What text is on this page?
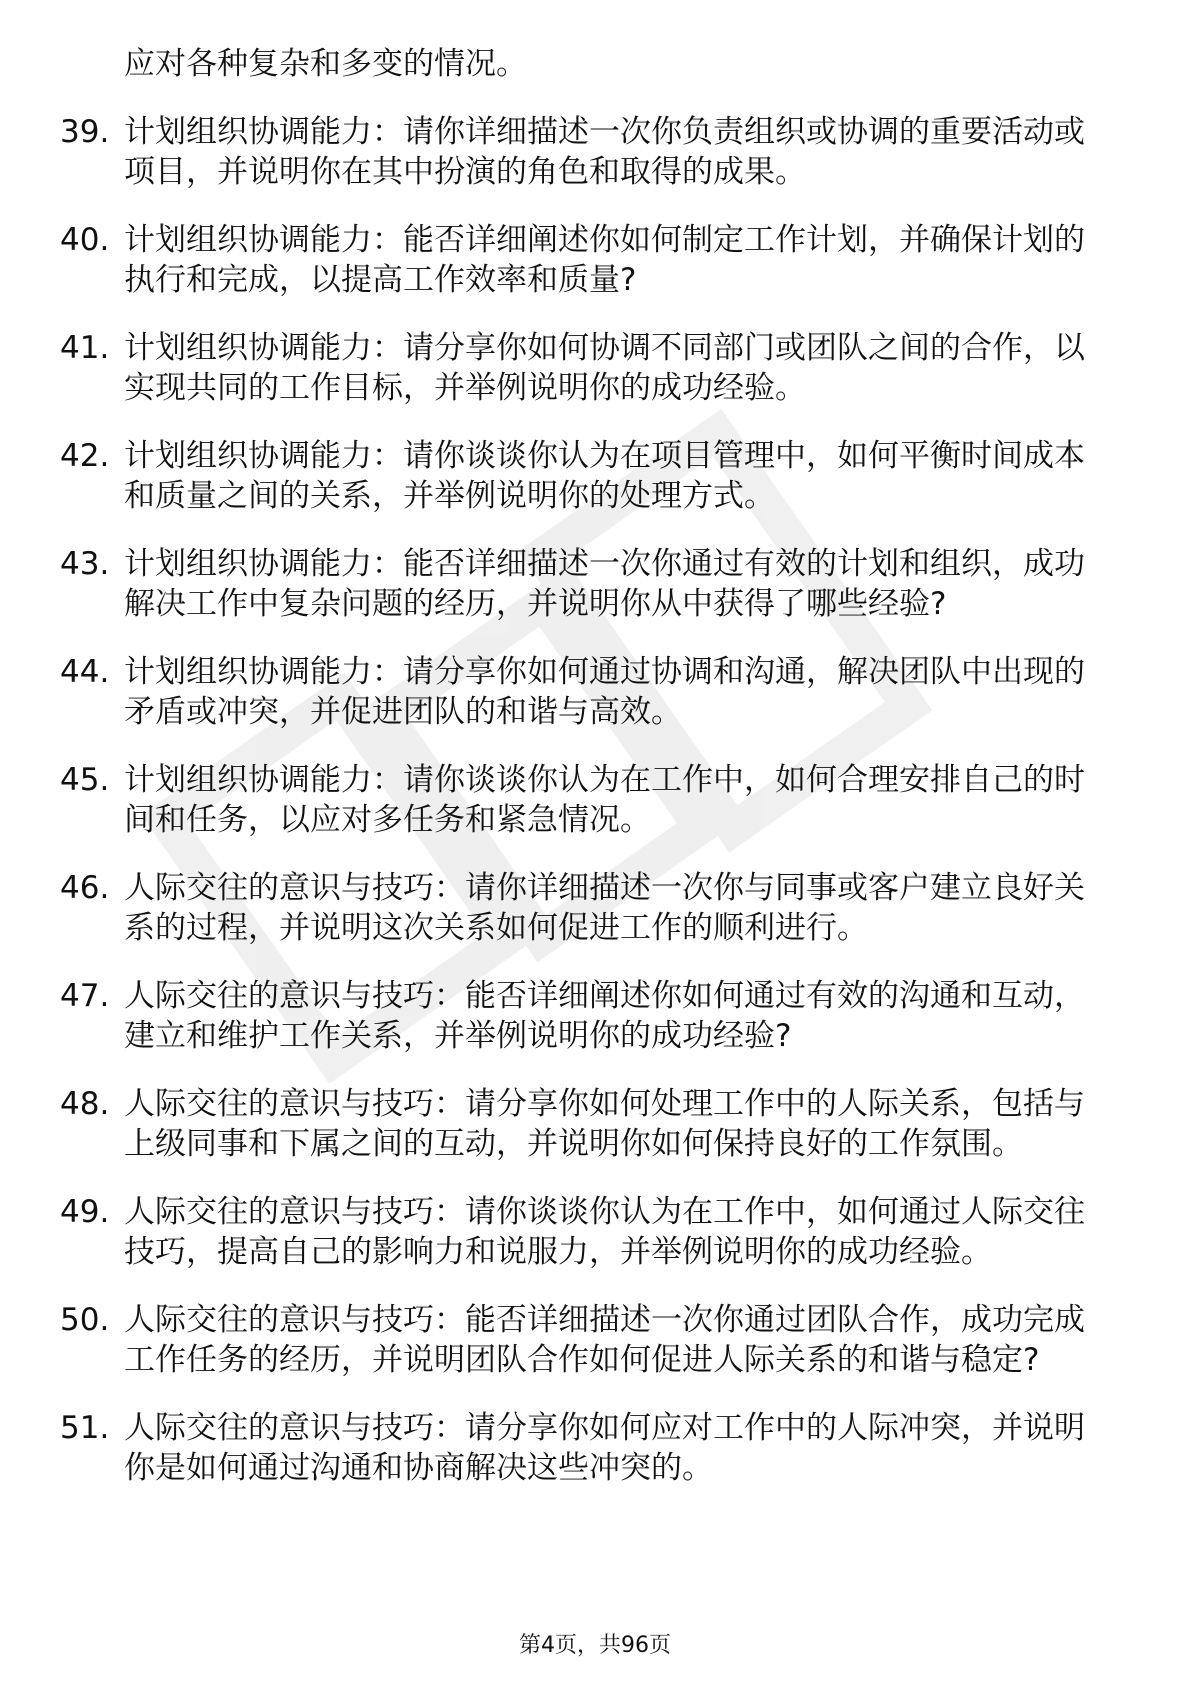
应对各种复杂和多变的情况。
39. 计划组织协调能力：请你详细描述一次你负责组织或协调的重要活动或项目，并说明你在其中扮演的角色和取得的成果。
40. 计划组织协调能力：能否详细阐述你如何制定工作计划，并确保计划的执行和完成，以提高工作效率和质量?
41. 计划组织协调能力：请分享你如何协调不同部门或团队之间的合作，以实现共同的工作目标，并举例说明你的成功经验。
42. 计划组织协调能力：请你谈谈你认为在项目管理中，如何平衡时间成本和质量之间的关系，并举例说明你的处理方式。
43. 计划组织协调能力：能否详细描述一次你通过有效的计划和组织，成功解决工作中复杂问题的经历，并说明你从中获得了哪些经验?
44. 计划组织协调能力：请分享你如何通过协调和沟通，解决团队中出现的矛盾或冲突，并促进团队的和谐与高效。
45. 计划组织协调能力：请你谈谈你认为在工作中，如何合理安排自己的时间和任务，以应对多任务和紧急情况。
46. 人际交往的意识与技巧：请你详细描述一次你与同事或客户建立良好关系的过程，并说明这次关系如何促进工作的顺利进行。
47. 人际交往的意识与技巧：能否详细阐述你如何通过有效的沟通和互动，建立和维护工作关系，并举例说明你的成功经验?
48. 人际交往的意识与技巧：请分享你如何处理工作中的人际关系，包括与上级同事和下属之间的互动，并说明你如何保持良好的工作氛围。
49. 人际交往的意识与技巧：请你谈谈你认为在工作中，如何通过人际交往技巧，提高自己的影响力和说服力，并举例说明你的成功经验。
50. 人际交往的意识与技巧：能否详细描述一次你通过团队合作，成功完成工作任务的经历，并说明团队合作如何促进人际关系的和谐与稳定?
51. 人际交往的意识与技巧：请分享你如何应对工作中的人际冲突，并说明你是如何通过沟通和协商解决这些冲突的。
第4页，共96页
